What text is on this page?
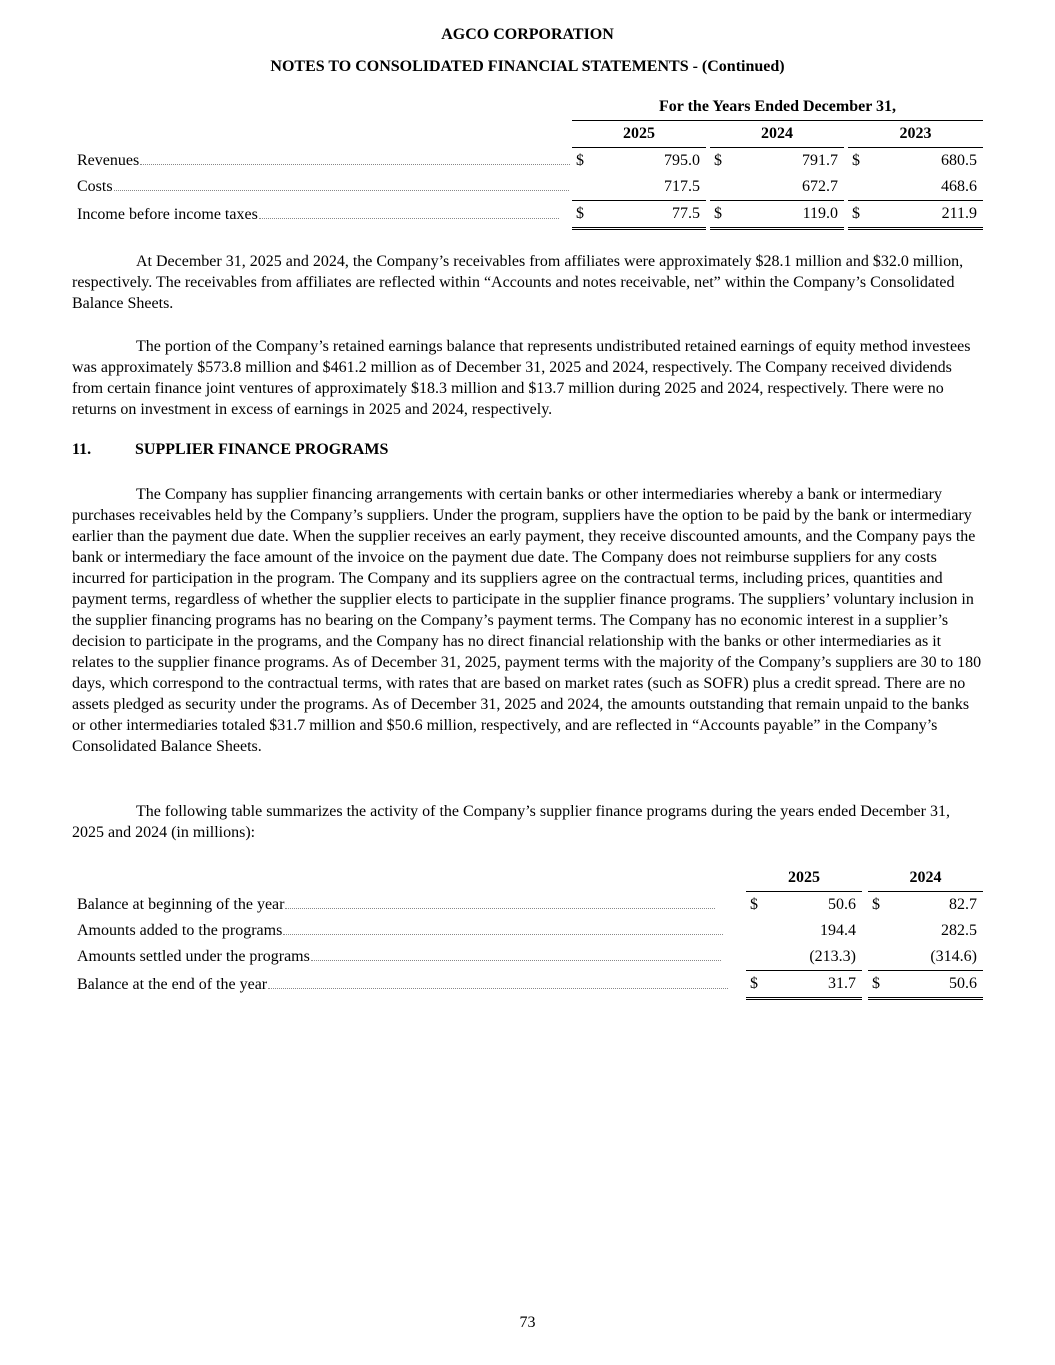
AGCO CORPORATION
NOTES TO CONSOLIDATED FINANCIAL STATEMENTS - (Continued)
	For the Years Ended December 31,							
	2025			2024			2023	
Revenues	$	795.0		$	791.7		$	680.5
Costs		717.5			672.7			468.6
Income before income taxes	$	77.5		$	119.0		$	211.9

At December 31, 2025 and 2024, the Company’s receivables from affiliates were approximately $28.1 million and $32.0 million, respectively. The receivables from affiliates are reflected within “Accounts and notes receivable, net” within the Company’s Consolidated Balance Sheets.

The portion of the Company’s retained earnings balance that represents undistributed retained earnings of equity method investees was approximately $573.8 million and $461.2 million as of December 31, 2025 and 2024, respectively. The Company received dividends from certain finance joint ventures of approximately $18.3 million and $13.7 million during 2025 and 2024, respectively. There were no returns on investment in excess of earnings in 2025 and 2024, respectively.

11.	SUPPLIER FINANCE PROGRAMS

The Company has supplier financing arrangements with certain banks or other intermediaries whereby a bank or intermediary purchases receivables held by the Company’s suppliers. Under the program, suppliers have the option to be paid by the bank or intermediary earlier than the payment due date. When the supplier receives an early payment, they receive discounted amounts, and the Company pays the bank or intermediary the face amount of the invoice on the payment due date. The Company does not reimburse suppliers for any costs incurred for participation in the program. The Company and its suppliers agree on the contractual terms, including prices, quantities and payment terms, regardless of whether the supplier elects to participate in the supplier finance programs. The suppliers’ voluntary inclusion in the supplier financing programs has no bearing on the Company’s payment terms. The Company has no economic interest in a supplier’s decision to participate in the programs, and the Company has no direct financial relationship with the banks or other intermediaries as it relates to the supplier finance programs. As of December 31, 2025, payment terms with the majority of the Company’s suppliers are 30 to 180 days, which correspond to the contractual terms, with rates that are based on market rates (such as SOFR) plus a credit spread. There are no assets pledged as security under the programs. As of December 31, 2025 and 2024, the amounts outstanding that remain unpaid to the banks or other intermediaries totaled $31.7 million and $50.6 million, respectively, and are reflected in “Accounts payable” in the Company’s Consolidated Balance Sheets.

The following table summarizes the activity of the Company’s supplier finance programs during the years ended December 31, 2025 and 2024 (in millions):

	2025			2024	
Balance at beginning of the year	$	50.6		$	82.7
Amounts added to the programs		194.4			282.5
Amounts settled under the programs		(213.3)			(314.6)
Balance at the end of the year	$	31.7		$	50.6
73
